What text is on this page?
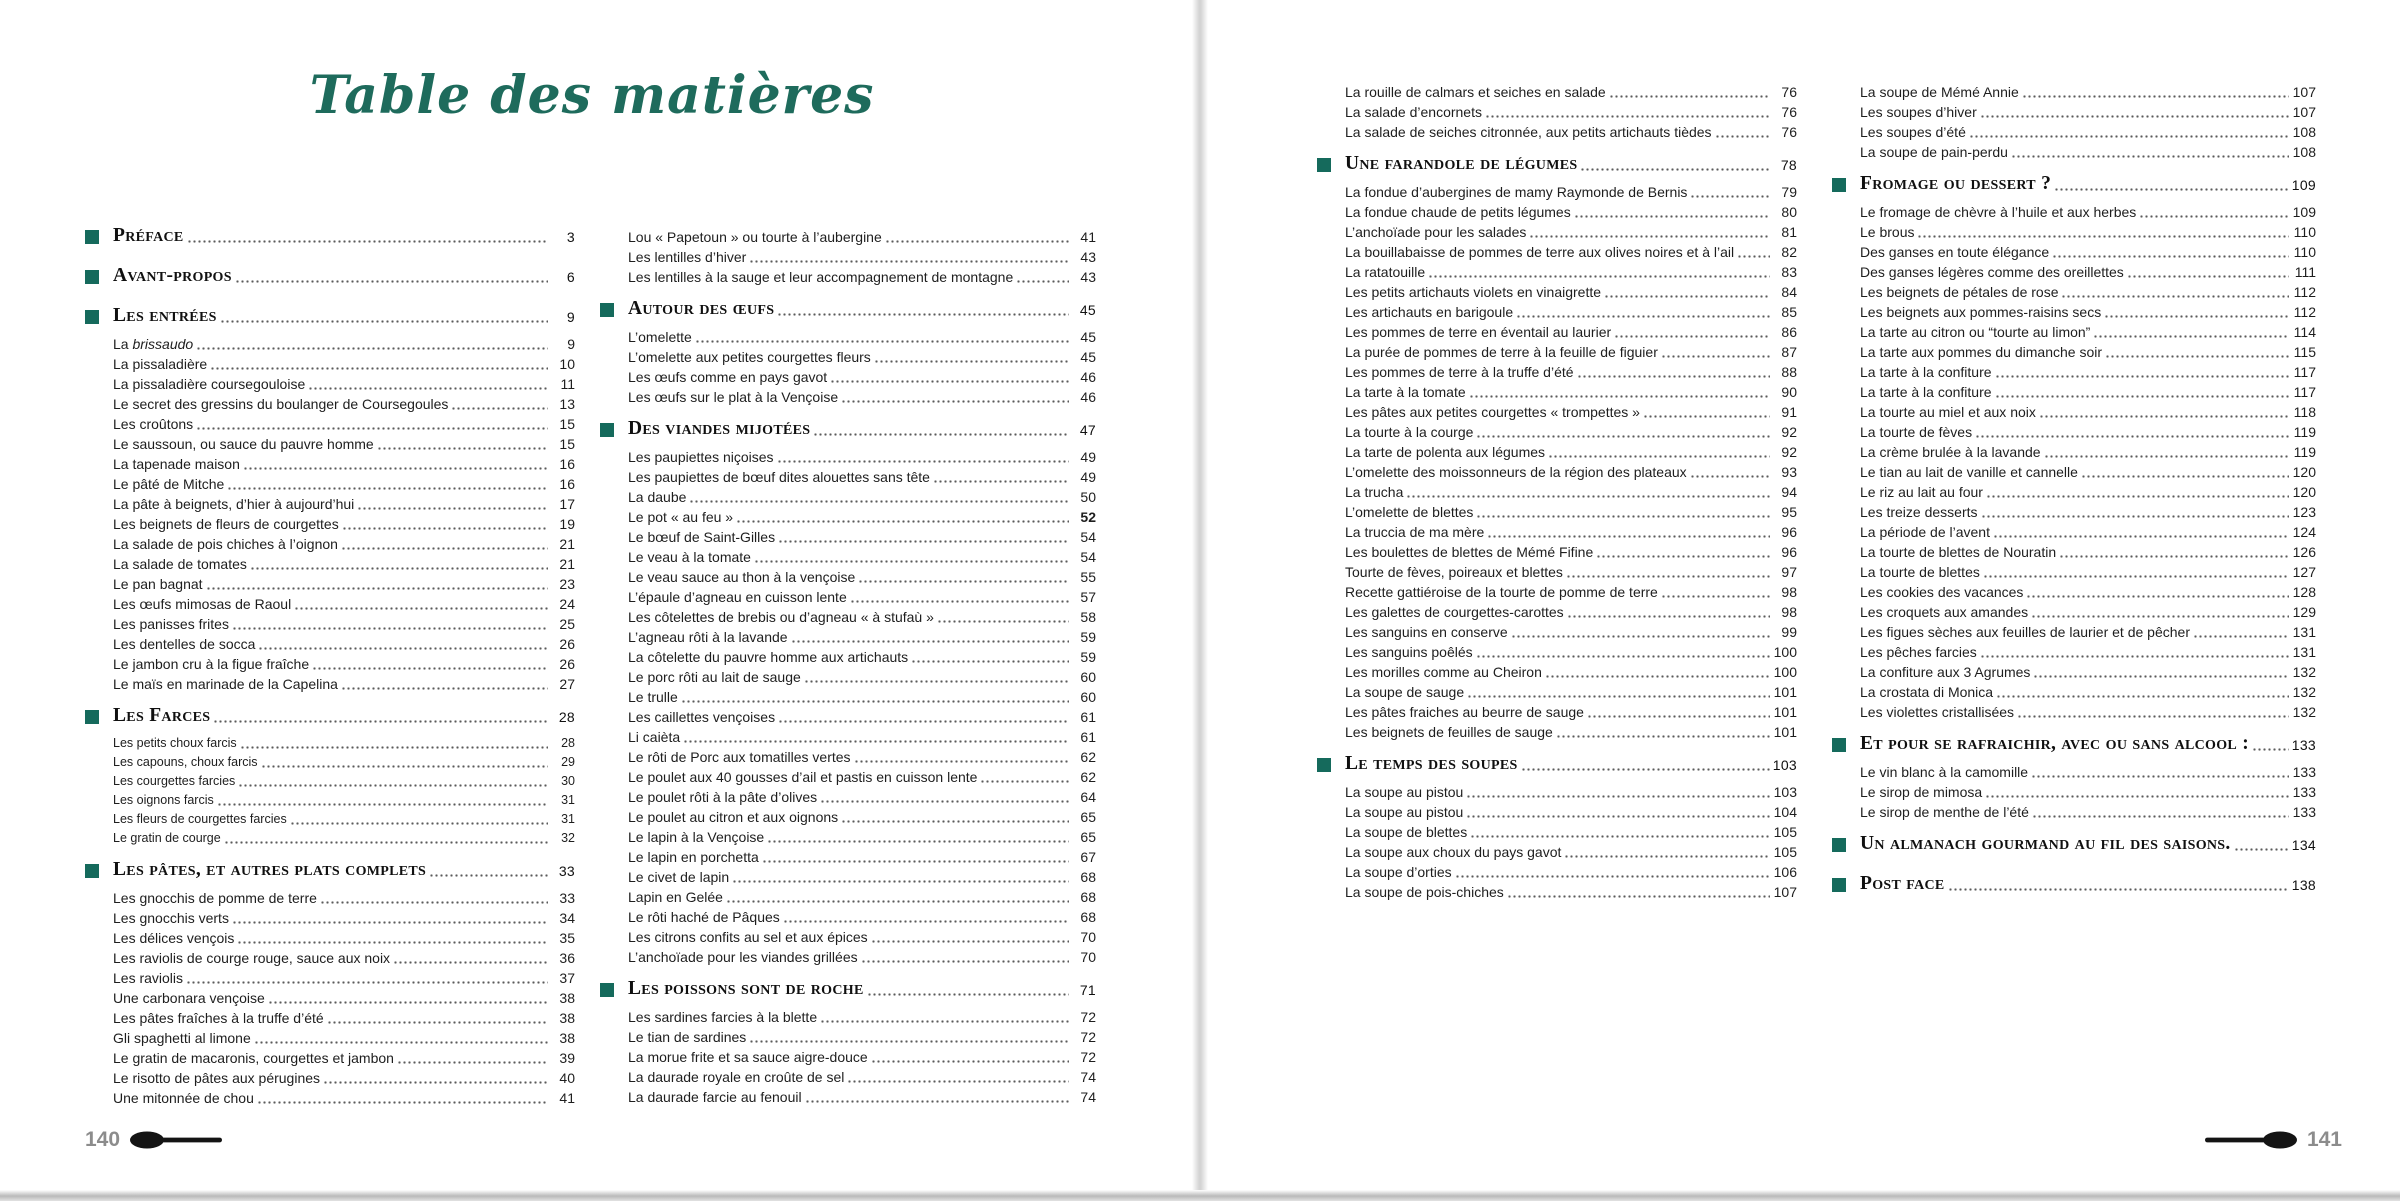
Table des matières
Préface	3
Avant-propos	6
Les entrées	9
La brissaudo	9
La pissaladière	10
La pissaladière coursegouloise	11
Le secret des gressins du boulanger de Coursegoules	13
Les croûtons	15
Le saussoun, ou sauce du pauvre homme	15
La tapenade maison	16
Le pâté de Mitche	16
La pâte à beignets, d’hier à aujourd’hui	17
Les beignets de fleurs de courgettes	19
La salade de pois chiches à l’oignon	21
La salade de tomates	21
Le pan bagnat	23
Les œufs mimosas de Raoul	24
Les panisses frites	25
Les dentelles de socca	26
Le jambon cru à la figue fraîche	26
Le maïs en marinade de la Capelina	27
Les Farces	28
Les petits choux farcis	28
Les capouns, choux farcis	29
Les courgettes farcies	30
Les oignons farcis	31
Les fleurs de courgettes farcies	31
Le gratin de courge	32
Les pâtes, et autres plats complets	33
Les gnocchis de pomme de terre	33
Les gnocchis verts	34
Les délices vençois	35
Les raviolis de courge rouge, sauce aux noix	36
Les raviolis	37
Une carbonara vençoise	38
Les pâtes fraîches à la truffe d’été	38
Gli spaghetti al limone	38
Le gratin de macaronis, courgettes et jambon	39
Le risotto de pâtes aux pérugines	40
Une mitonnée de chou	41
Lou « Papetoun » ou tourte à l’aubergine	41
Les lentilles d’hiver	43
Les lentilles à la sauge et leur accompagnement de montagne	43
Autour des œufs	45
L’omelette	45
L’omelette aux petites courgettes fleurs	45
Les œufs comme en pays gavot	46
Les œufs sur le plat à la Vençoise	46
Des viandes mijotées	47
Les paupiettes niçoises	49
Les paupiettes de bœuf dites alouettes sans tête	49
La daube	50
Le pot « au feu »	52
Le bœuf de Saint-Gilles	54
Le veau à la tomate	54
Le veau sauce au thon à la vençoise	55
L’épaule d’agneau en cuisson lente	57
Les côtelettes de brebis ou d’agneau « à stufaù »	58
L’agneau rôti à la lavande	59
La côtelette du pauvre homme aux artichauts	59
Le porc rôti au lait de sauge	60
Le trulle	60
Les caillettes vençoises	61
Li caièta	61
Le rôti de Porc aux tomatilles vertes	62
Le poulet aux 40 gousses d’ail et pastis en cuisson lente	62
Le poulet rôti à la pâte d’olives	64
Le poulet au citron et aux oignons	65
Le lapin à la Vençoise	65
Le lapin en porchetta	67
Le civet de lapin	68
Lapin en Gelée	68
Le rôti haché de Pâques	68
Les citrons confits au sel et aux épices	70
L’anchoïade pour les viandes grillées	70
Les poissons sont de roche	71
Les sardines farcies à la blette	72
Le tian de sardines	72
La morue frite et sa sauce aigre-douce	72
La daurade royale en croûte de sel	74
La daurade farcie au fenouil	74
La rouille de calmars et seiches en salade	76
La salade d’encornets	76
La salade de seiches citronnée, aux petits artichauts tièdes	76
Une farandole de légumes	78
La fondue d’aubergines de mamy Raymonde de Bernis	79
La fondue chaude de petits légumes	80
L’anchoïade pour les salades	81
La bouillabaisse de pommes de terre aux olives noires et à l’ail	82
La ratatouille	83
Les petits artichauts violets en vinaigrette	84
Les artichauts en barigoule	85
Les pommes de terre en éventail au laurier	86
La purée de pommes de terre à la feuille de figuier	87
Les pommes de terre à la truffe d’été	88
La tarte à la tomate	90
Les pâtes aux petites courgettes « trompettes »	91
La tourte à la courge	92
La tarte de polenta aux légumes	92
L’omelette des moissonneurs de la région des plateaux	93
La trucha	94
L’omelette de blettes	95
La truccia de ma mère	96
Les boulettes de blettes de Mémé Fifine	96
Tourte de fèves, poireaux et blettes	97
Recette gattiéroise de la tourte de pomme de terre	98
Les galettes de courgettes-carottes	98
Les sanguins en conserve	99
Les sanguins poêlés	100
Les morilles comme au Cheiron	100
La soupe de sauge	101
Les pâtes fraiches au beurre de sauge	101
Les beignets de feuilles de sauge	101
Le temps des soupes	103
La soupe au pistou	103
La soupe au pistou	104
La soupe de blettes	105
La soupe aux choux du pays gavot	105
La soupe d’orties	106
La soupe de pois-chiches	107
La soupe de Mémé Annie	107
Les soupes d’hiver	107
Les soupes d’été	108
La soupe de pain-perdu	108
Fromage ou dessert ?	109
Le fromage de chèvre à l’huile et aux herbes	109
Le brous	110
Des ganses en toute élégance	110
Des ganses légères comme des oreillettes	111
Les beignets de pétales de rose	112
Les beignets aux pommes-raisins secs	112
La tarte au citron ou “tourte au limon”	114
La tarte aux pommes du dimanche soir	115
La tarte à la confiture	117
La tarte à la confiture	117
La tourte au miel et aux noix	118
La tourte de fèves	119
La crème brulée à la lavande	119
Le tian au lait de vanille et cannelle	120
Le riz au lait au four	120
Les treize desserts	123
La période de l’avent	124
La tourte de blettes de Nouratin	126
La tourte de blettes	127
Les cookies des vacances	128
Les croquets aux amandes	129
Les figues sèches aux feuilles de laurier et de pêcher	131
Les pêches farcies	131
La confiture aux 3 Agrumes	132
La crostata di Monica	132
Les violettes cristallisées	132
Et pour se rafraichir, avec ou sans alcool :	133
Le vin blanc à la camomille	133
Le sirop de mimosa	133
Le sirop de menthe de l’été	133
Un almanach gourmand au fil des saisons.	134
Post face	138
140	141
